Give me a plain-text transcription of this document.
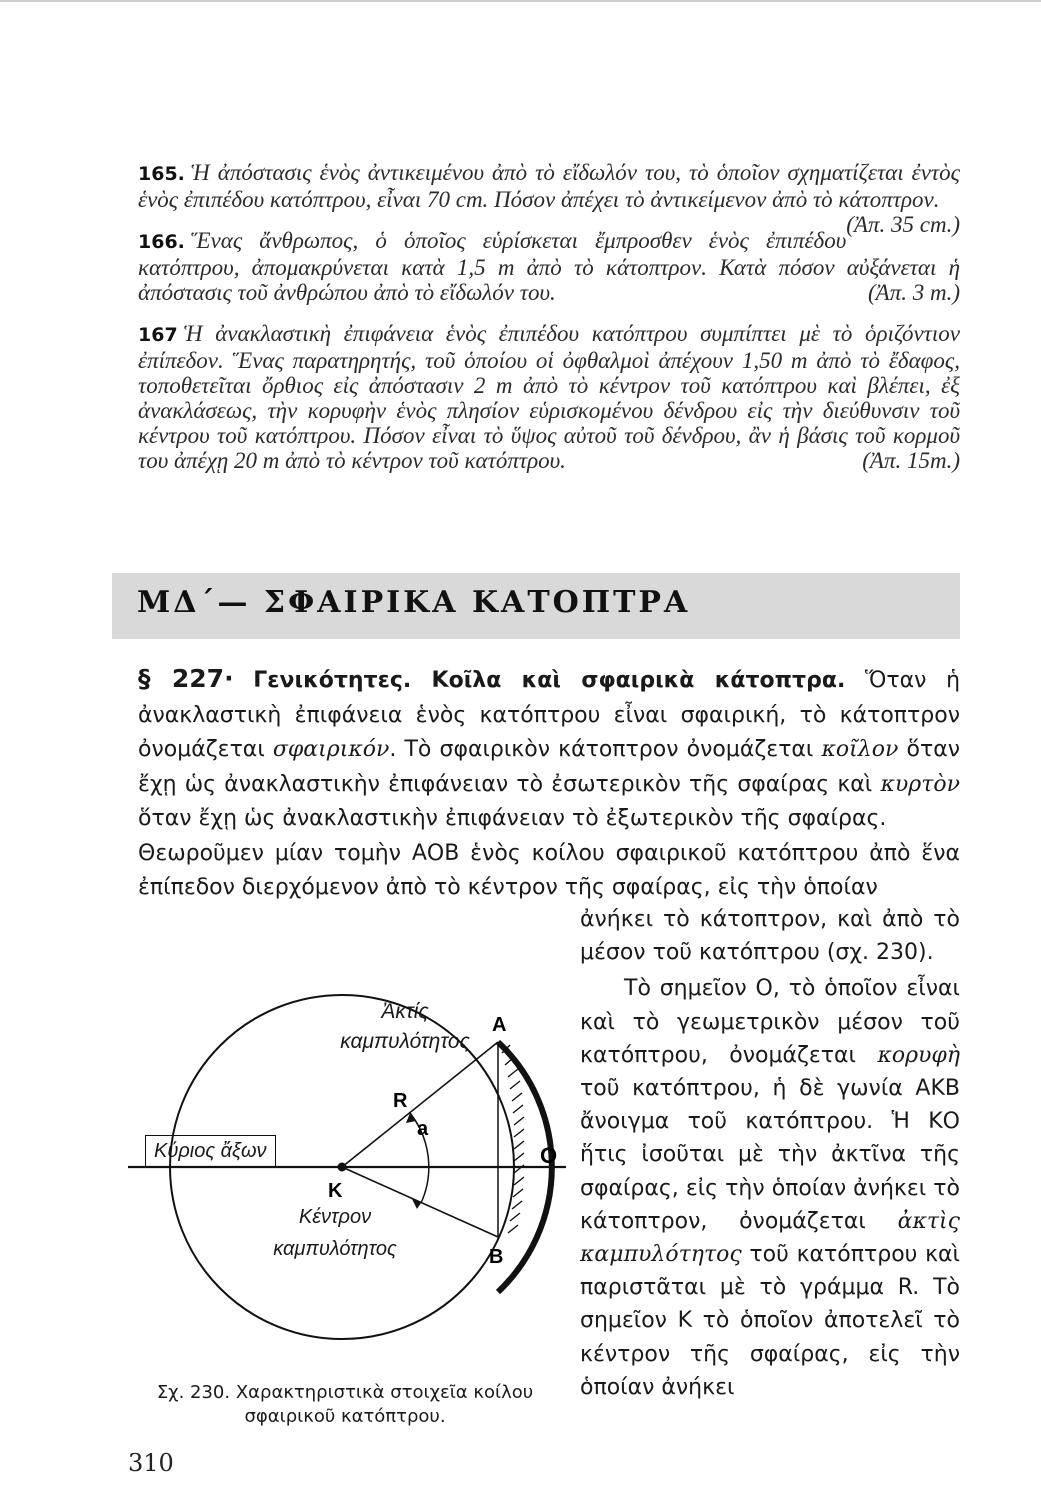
165. Ἡ ἀπόστασις ἑνὸς ἀντικειμένου ἀπὸ τὸ εἴδωλόν του, τὸ ὁποῖον σχηματίζεται ἐντὸς ἑνὸς ἐπιπέδου κατόπτρου, εἶναι 70 cm. Πόσον ἀπέχει τὸ ἀντικείμενον ἀπὸ τὸ κάτοπτρον.
(Ἀπ. 35 cm.)

166. Ἕνας ἄνθρωπος, ὁ ὁποῖος εὑρίσκεται ἔμπροσθεν ἑνὸς ἐπιπέδου κατόπτρου, ἀπομακρύνεται κατὰ 1,5 m ἀπὸ τὸ κάτοπτρον. Κατὰ πόσον αὐξάνεται ἡ ἀπόστασις τοῦ ἀνθρώπου ἀπὸ τὸ εἴδωλόν του.	(Ἀπ. 3 m.)

167 Ἡ ἀνακλαστικὴ ἐπιφάνεια ἑνὸς ἐπιπέδου κατόπτρου συμπίπτει μὲ τὸ ὁριζόντιον ἐπίπεδον. Ἕνας παρατηρητής, τοῦ ὁποίου οἱ ὀφθαλμοὶ ἀπέχουν 1,50 m ἀπὸ τὸ ἔδαφος, τοποθετεῖται ὄρθιος εἰς ἀπόστασιν 2 m ἀπὸ τὸ κέντρον τοῦ κατόπτρου καὶ βλέπει, ἐξ ἀνακλάσεως, τὴν κορυφὴν ἑνὸς πλησίον εὑρισκομένου δένδρου εἰς τὴν διεύθυνσιν τοῦ κέντρου τοῦ κατόπτρου. Πόσον εἶναι τὸ ὕψος αὐτοῦ τοῦ δένδρου, ἂν ἡ βάσις τοῦ κορμοῦ του ἀπέχῃ 20 m ἀπὸ τὸ κέντρον τοῦ κατόπτρου.	(Ἀπ. 15m.)

ΜΔ΄— ΣΦΑΙΡΙΚΑ ΚΑΤΟΠΤΡΑ
§ 227· Γενικότητες. Κοῖλα καὶ σφαιρικὰ κάτοπτρα. Ὅταν ἡ ἀνακλαστικὴ ἐπιφάνεια ἑνὸς κατόπτρου εἶναι σφαιρική, τὸ κάτοπτρον ὀνομάζεται σφαιρικόν. Τὸ σφαιρικὸν κάτοπτρον ὀνομάζεται κοῖλον ὅταν ἔχῃ ὡς ἀνακλαστικὴν ἐπιφάνειαν τὸ ἐσωτερικὸν τῆς σφαίρας καὶ κυρτὸν ὅταν ἔχῃ ὡς ἀνακλαστικὴν ἐπιφάνειαν τὸ ἐξωτερικὸν τῆς σφαίρας.
Θεωροῦμεν μίαν τομὴν ΑΟΒ ἑνὸς κοίλου σφαιρικοῦ κατόπτρου ἀπὸ ἕνα ἐπίπεδον διερχόμενον ἀπὸ τὸ κέντρον τῆς σφαίρας, εἰς τὴν ὁποίαν

ἀνήκει τὸ κάτοπτρον, καὶ ἀπὸ τὸ μέσον τοῦ κατόπτρου (σχ. 230).

Τὸ σημεῖον Ο, τὸ ὁποῖον εἶναι καὶ τὸ γεωμετρικὸν μέσον τοῦ κατόπτρου, ὀνομάζεται κορυφὴ τοῦ κατόπτρου, ἡ δὲ γωνία ΑΚΒ ἄνοιγμα τοῦ κατόπτρου. Ἡ ΚΟ ἥτις ἰσοῦται μὲ τὴν ἀκτῖνα τῆς σφαίρας, εἰς τὴν ὁποίαν ἀνήκει τὸ κάτοπτρον, ὀνομάζεται ἀκτὶς καμπυλότητος τοῦ κατόπτρου καὶ παριστᾶται μὲ τὸ γράμμα R. Τὸ σημεῖον Κ τὸ ὁποῖον ἀποτελεῖ τὸ κέντρον τῆς σφαίρας, εἰς τὴν ὁποίαν ἀνήκει

A
B
O
K
R
a
Ἀκτίς καμπυλότητος
Κύριος ἄξων
Κέντρον καμπυλότητος
Σχ. 230. Χαρακτηριστικὰ στοιχεῖα κοίλου σφαιρικοῦ κατόπτρου.
310
